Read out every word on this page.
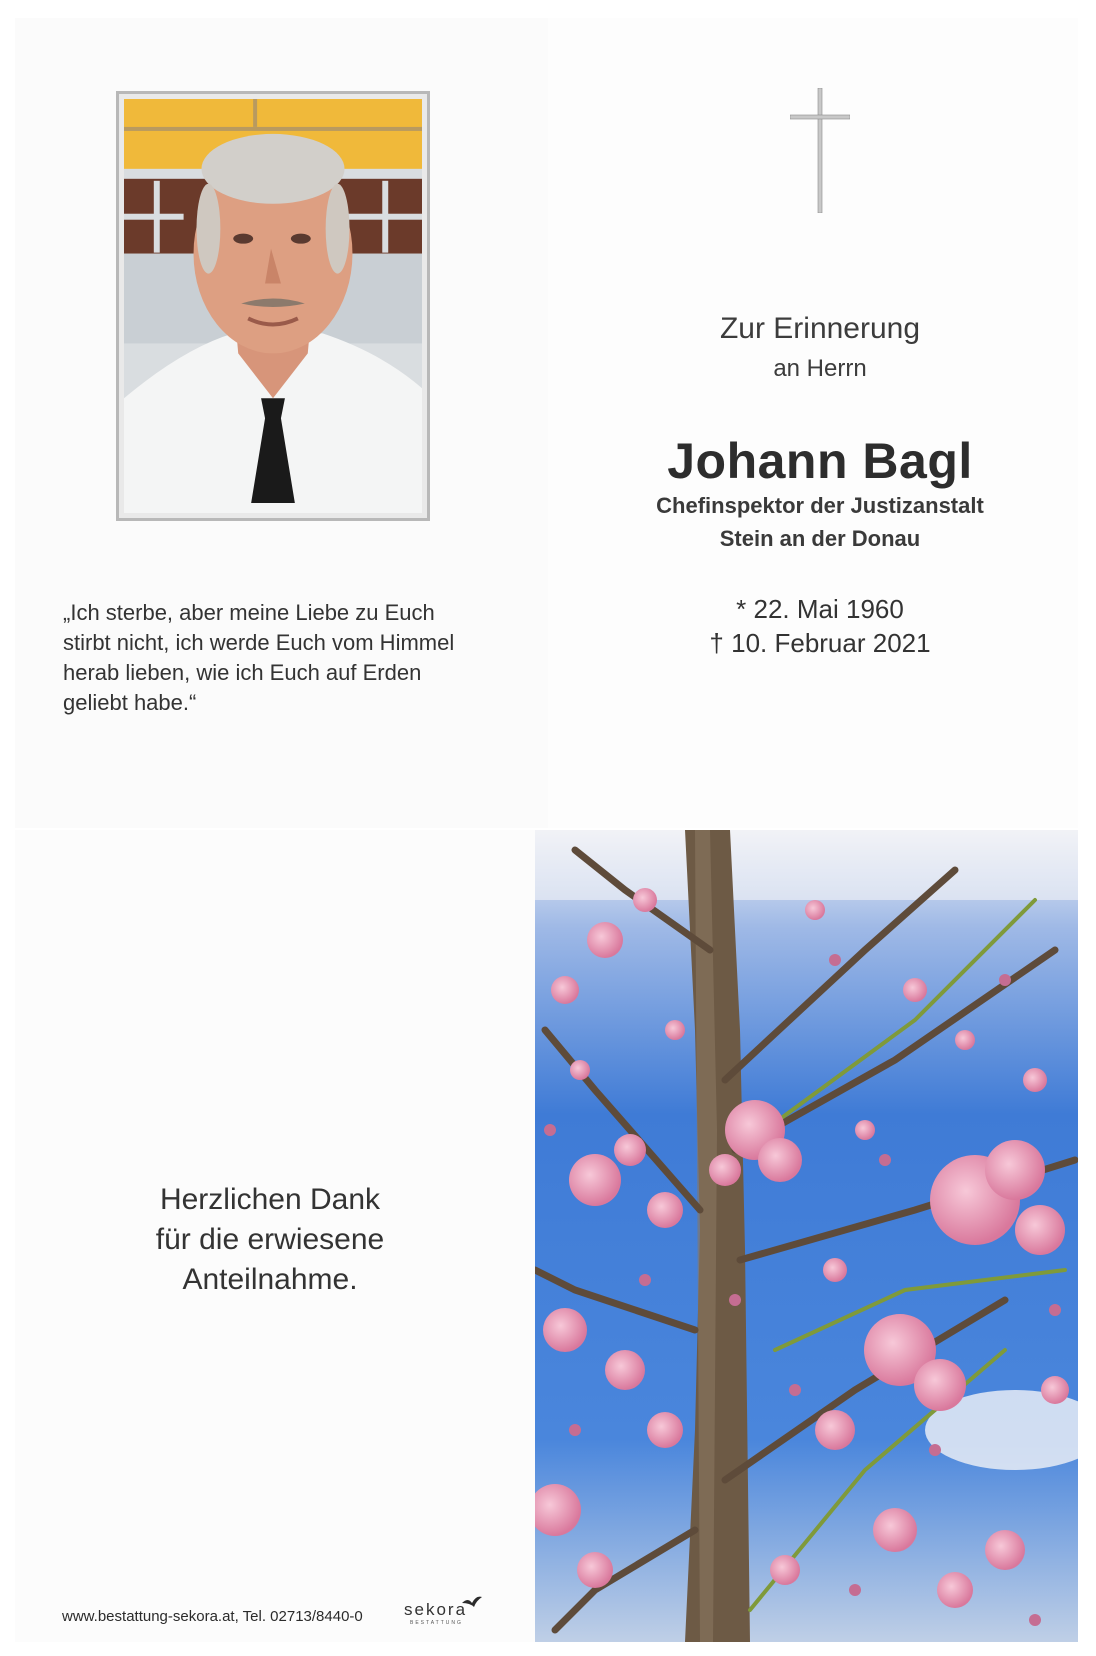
„Ich sterbe, aber meine Liebe zu Euch
stirbt nicht, ich werde Euch vom Himmel
herab lieben, wie ich Euch auf Erden
geliebt habe.“
Zur Erinnerung
an Herrn
Johann Bagl
Chefinspektor der Justizanstalt
Stein an der Donau
* 22. Mai 1960
† 10. Februar 2021
Herzlichen Dank
für die erwiesene
Anteilnahme.
www.bestattung-sekora.at, Tel. 02713/8440-0 sekora
BESTATTUNG
